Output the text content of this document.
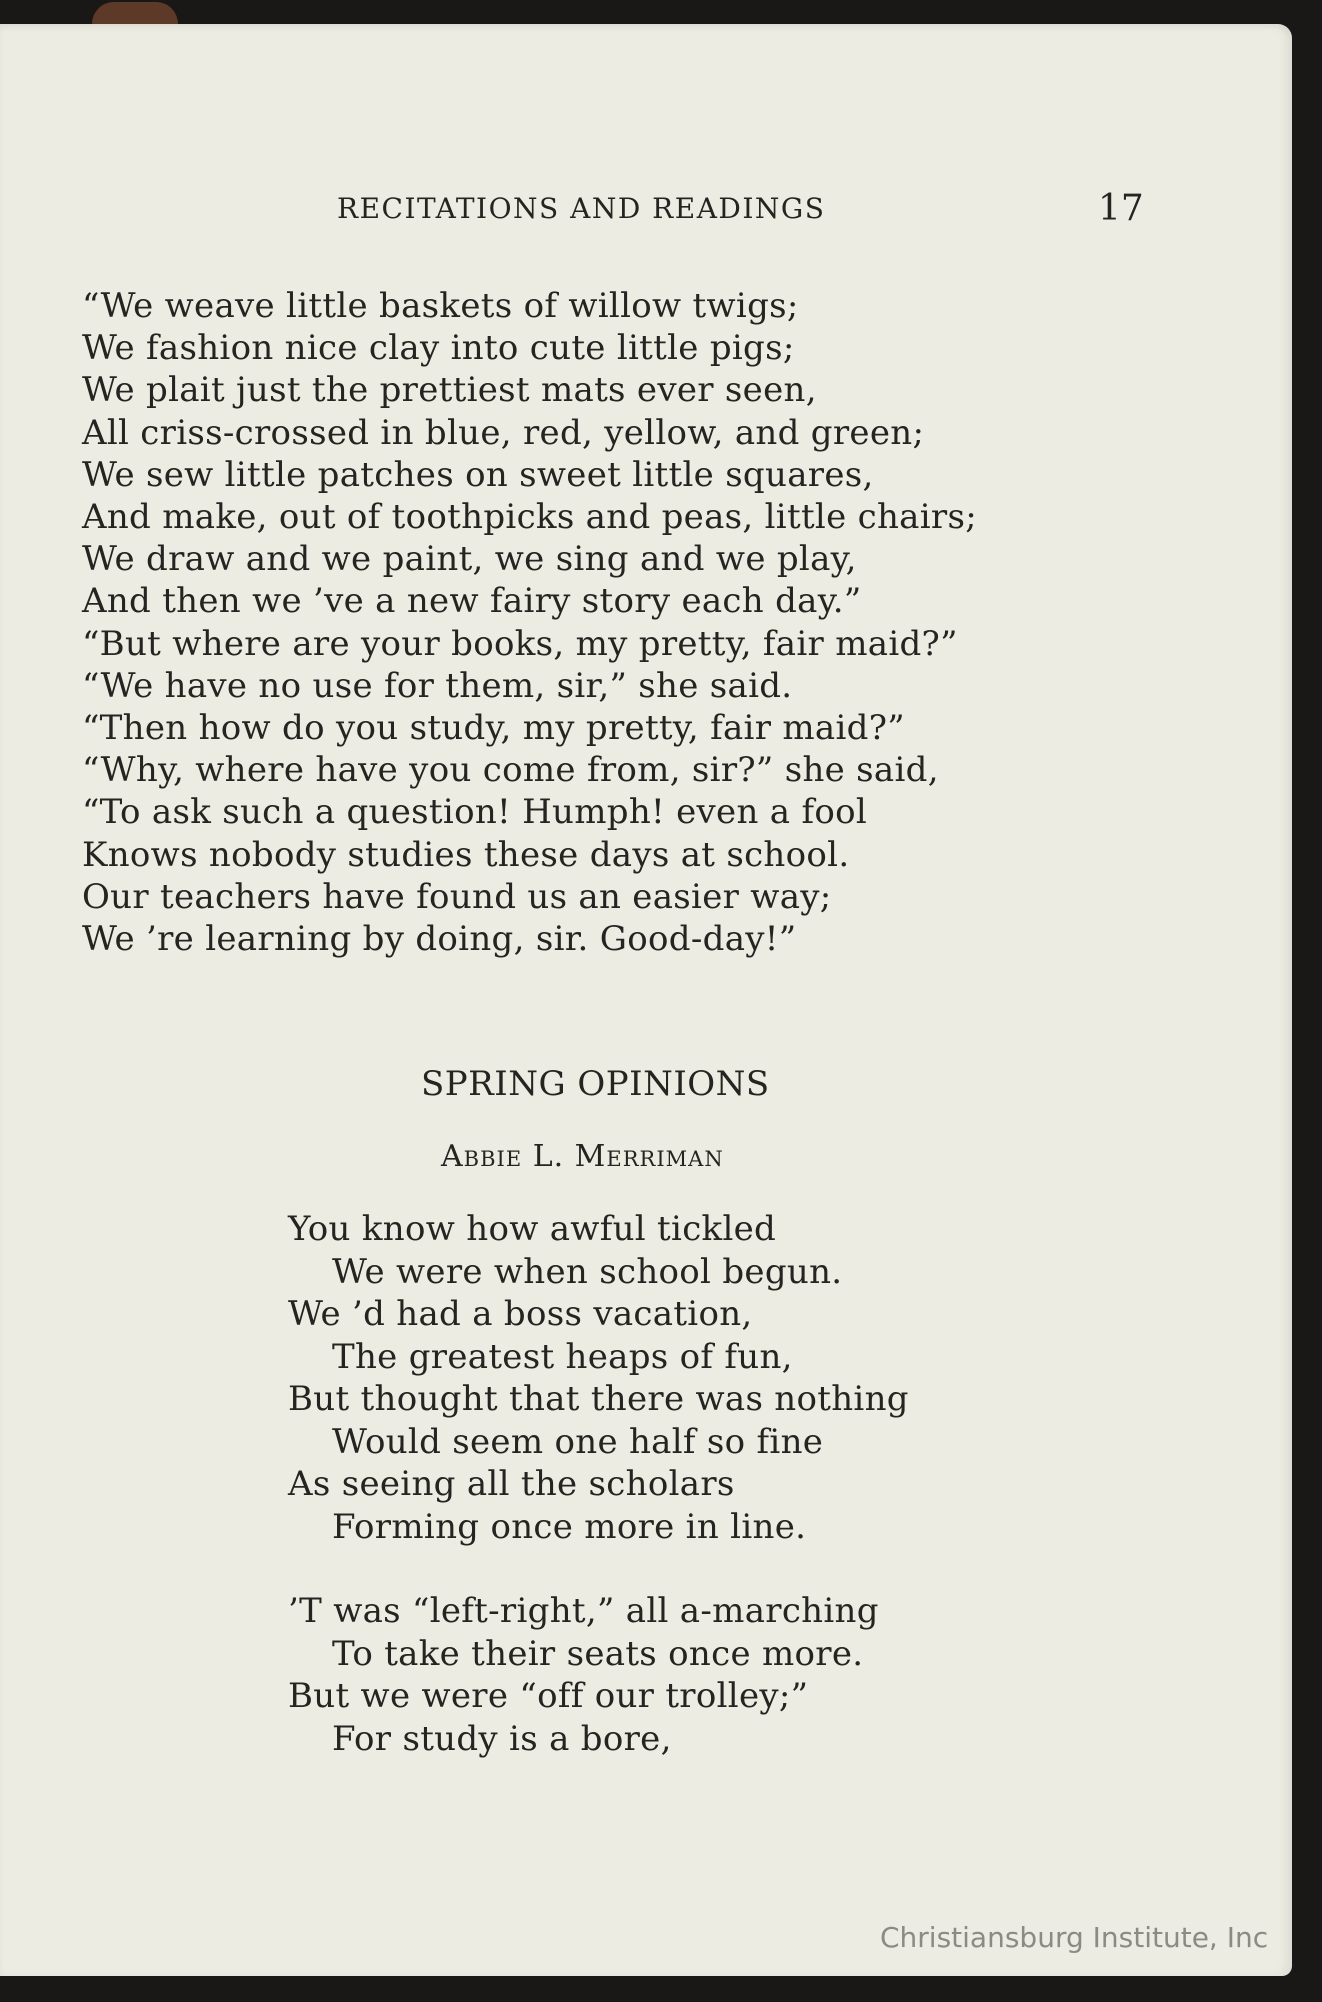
RECITATIONS AND READINGS	17
“We weave little baskets of willow twigs;
We fashion nice clay into cute little pigs;
We plait just the prettiest mats ever seen,
All criss-crossed in blue, red, yellow, and green;
We sew little patches on sweet little squares,
And make, out of toothpicks and peas, little chairs;
We draw and we paint, we sing and we play,
And then we ’ve a new fairy story each day.”
“But where are your books, my pretty, fair maid?”
“We have no use for them, sir,” she said.
“Then how do you study, my pretty, fair maid?”
“Why, where have you come from, sir?” she said,
“To ask such a question! Humph! even a fool
Knows nobody studies these days at school.
Our teachers have found us an easier way;
We ’re learning by doing, sir. Good-day!”
SPRING OPINIONS
Abbie L. Merriman
You know how awful tickled
We were when school begun.
We ’d had a boss vacation,
The greatest heaps of fun,
But thought that there was nothing
Would seem one half so fine
As seeing all the scholars
Forming once more in line.
’T was “left-right,” all a-marching
To take their seats once more.
But we were “off our trolley;”
For study is a bore,
Christiansburg Institute, Inc
